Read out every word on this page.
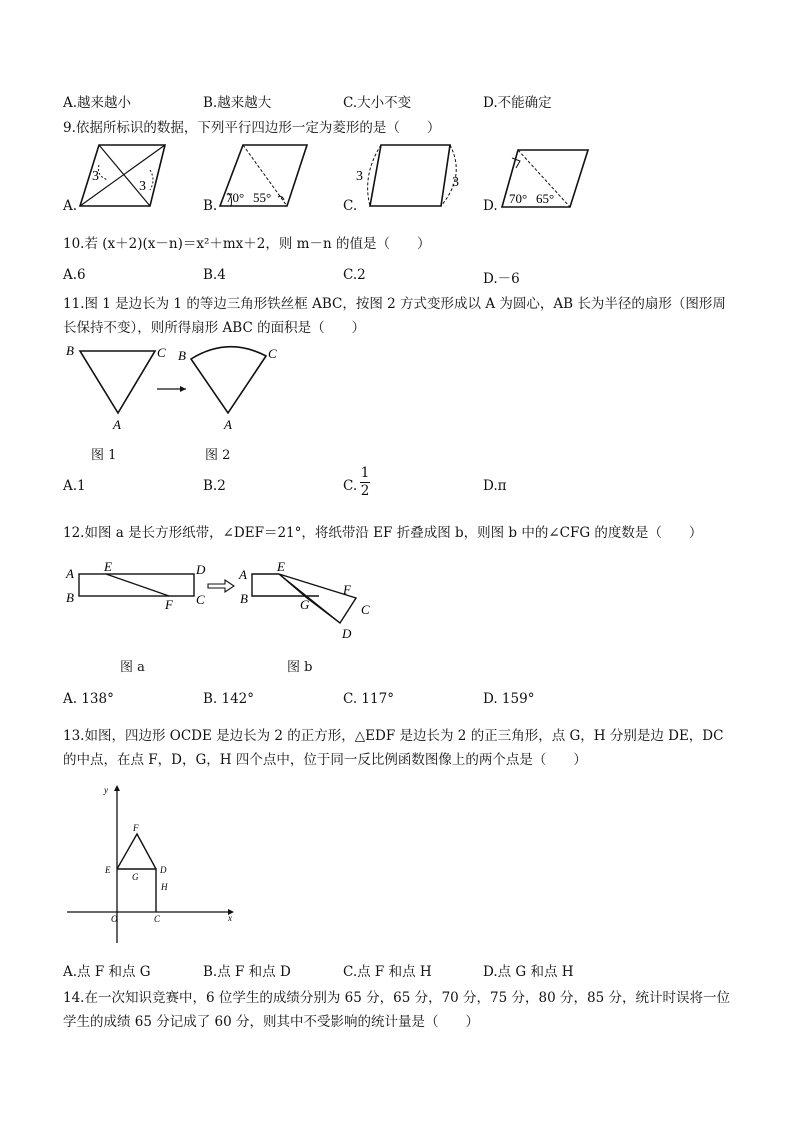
A.越来越小	B.越来越大	C.大小不变	D.不能确定
9.依据所标识的数据，下列平行四边形一定为菱形的是（　　）
A.
3
3
B.
70° 55°
C.
3	3
D. 70° 65°
10.若 (x＋2)(x－n)＝x²＋mx＋2，则 m－n 的值是（　　）
A.6	B.4	C.2	D.－6
11.图 1 是边长为 1 的等边三角形铁丝框 ABC，按图 2 方式变形成以 A 为圆心，AB 长为半径的扇形（图形周
长保持不变），则所得扇形 ABC 的面积是（　　）
B	C
A
B	C
A
图 1	图 2
A.1	B.2	C.
1
2	D.π
12.如图 a 是长方形纸带，∠DEF＝21°，将纸带沿 EF 折叠成图 b，则图 b 中的∠CFG 的度数是（　　）
A E	D
B	F C
A
E
B	G
F
C
D
图 a	图 b
A. 138°	B. 142°	C. 117°	D. 159°
13.如图，四边形 OCDE 是边长为 2 的正方形，△EDF 是边长为 2 的正三角形，点 G，H 分别是边 DE，DC
的中点，在点 F，D，G，H 四个点中，位于同一反比例函数图像上的两个点是（　　）
y
x
F
E	D
G
H
O	C
A.点 F 和点 G	B.点 F 和点 D	C.点 F 和点 H	D.点 G 和点 H
14.在一次知识竞赛中，6 位学生的成绩分别为 65 分，65 分，70 分，75 分，80 分，85 分，统计时误将一位
学生的成绩 65 分记成了 60 分，则其中不受影响的统计量是（　　）
